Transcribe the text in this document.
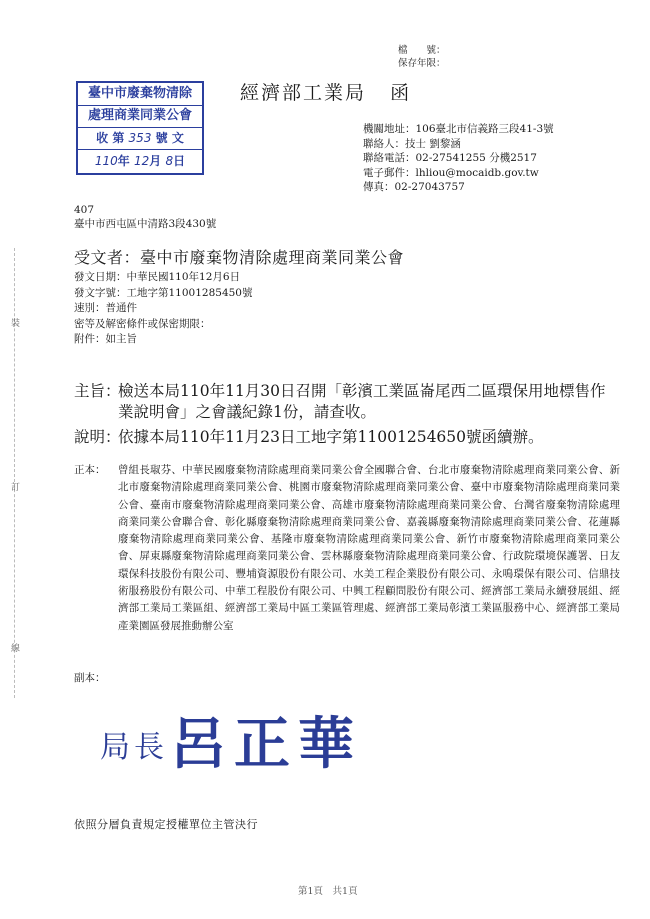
檔　　號：
保存年限：
臺中市廢棄物清除
處理商業同業公會
收 第 353 號 文
110年 12月 8日
經濟部工業局 函
機關地址：106臺北市信義路三段41-3號
聯絡人：技士 劉黎涵
聯絡電話：02-27541255 分機2517
電子郵件：lhliou@mocaidb.gov.tw
傳真：02-27043757
407
臺中市西屯區中清路3段430號
受文者：臺中市廢棄物清除處理商業同業公會
發文日期：中華民國110年12月6日
發文字號：工地字第11001285450號
速別：普通件
密等及解密條件或保密期限：
附件：如主旨
主旨：
檢送本局110年11月30日召開「彰濱工業區崙尾西二區環保用地標售作業說明會」之會議紀錄1份，請查收。
說明：
依據本局110年11月23日工地字第11001254650號函續辦。
正本： 曾組長琡芬、中華民國廢棄物清除處理商業同業公會全國聯合會、台北市廢棄物清除處理商業同業公會、新北市廢棄物清除處理商業同業公會、桃園市廢棄物清除處理商業同業公會、臺中市廢棄物清除處理商業同業公會、臺南市廢棄物清除處理商業同業公會、高雄市廢棄物清除處理商業同業公會、台灣省廢棄物清除處理商業同業公會聯合會、彰化縣廢棄物清除處理商業同業公會、嘉義縣廢棄物清除處理商業同業公會、花蓮縣廢棄物清除處理商業同業公會、基隆市廢棄物清除處理商業同業公會、新竹市廢棄物清除處理商業同業公會、屏東縣廢棄物清除處理商業同業公會、雲林縣廢棄物清除處理商業同業公會、行政院環境保護署、日友環保科技股份有限公司、豐埔資源股份有限公司、水美工程企業股份有限公司、永鳴環保有限公司、信鼎技術服務股份有限公司、中華工程股份有限公司、中興工程顧問股份有限公司、經濟部工業局永續發展組、經濟部工業局工業區組、經濟部工業局中區工業區管理處、經濟部工業局彰濱工業區服務中心、經濟部工業局產業園區發展推動辦公室
副本：
局長 呂正華
依照分層負責規定授權單位主管決行
第1頁　共1頁
裝
訂
線
